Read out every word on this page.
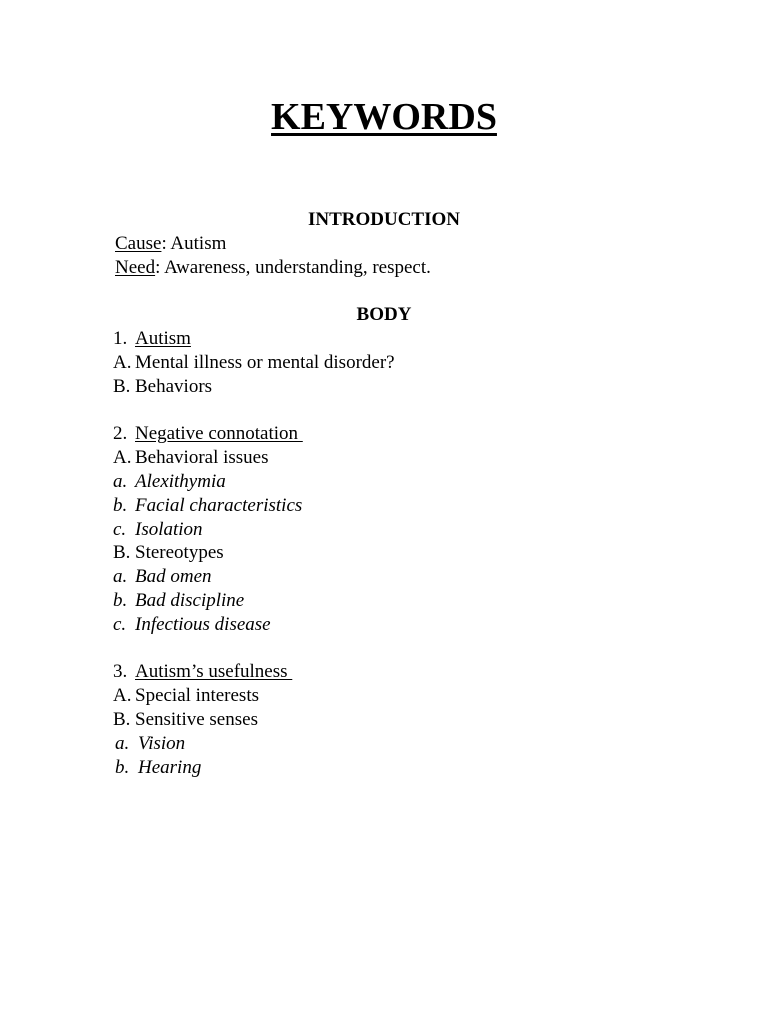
KEYWORDS
INTRODUCTION
Cause: Autism
Need: Awareness, understanding, respect.
BODY
1. Autism
A. Mental illness or mental disorder?
B. Behaviors
2. Negative connotation
A. Behavioral issues
a. Alexithymia
b. Facial characteristics
c. Isolation
B. Stereotypes
a. Bad omen
b. Bad discipline
c. Infectious disease
3. Autism’s usefulness
A. Special interests
B. Sensitive senses
a. Vision
b. Hearing
